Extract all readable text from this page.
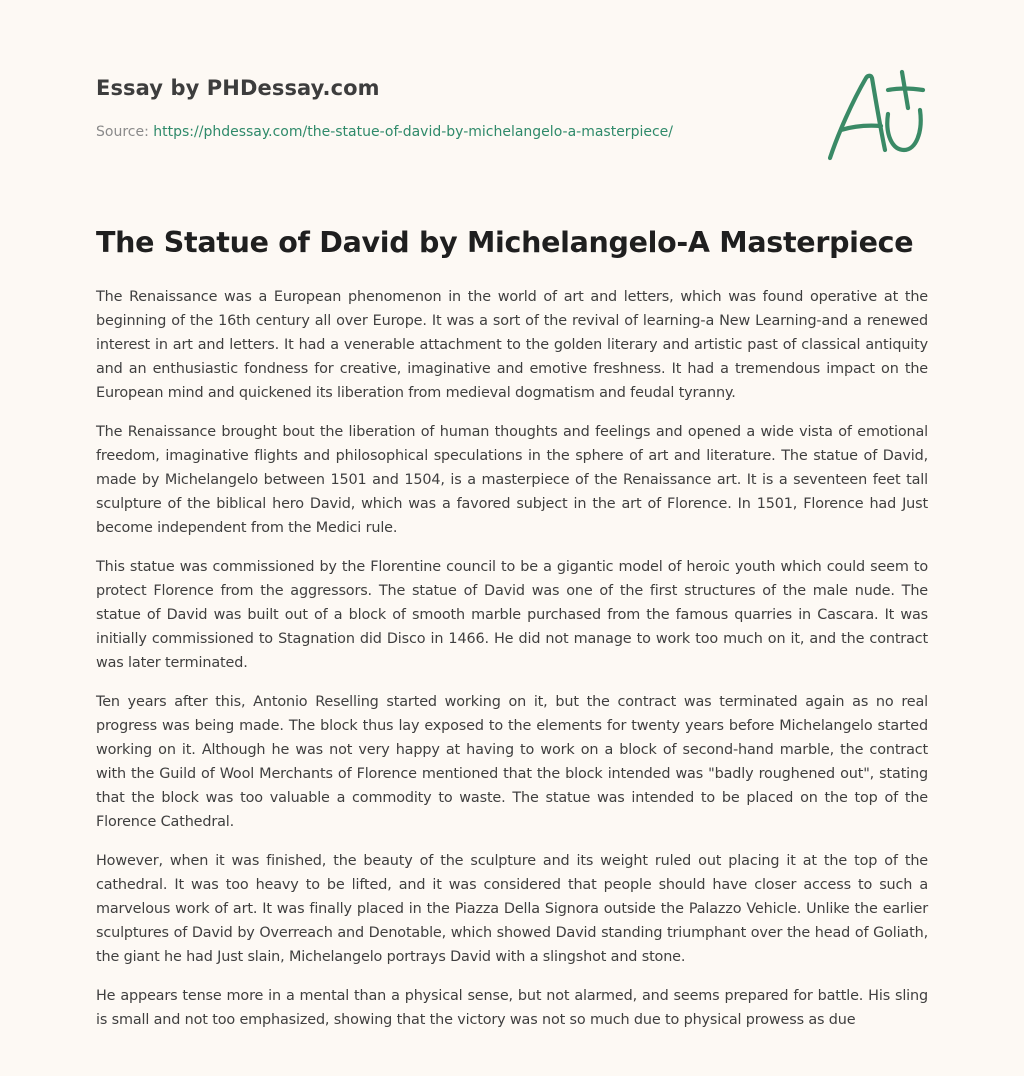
Essay by PHDessay.com
Source: https://phdessay.com/the-statue-of-david-by-michelangelo-a-masterpiece/
The Statue of David by Michelangelo-A Masterpiece

The Renaissance was a European phenomenon in the world of art and letters, which was found operative at the beginning of the 16th century all over Europe. It was a sort of the revival of learning-a New Learning-and a renewed interest in art and letters. It had a venerable attachment to the golden literary and artistic past of classical antiquity and an enthusiastic fondness for creative, imaginative and emotive freshness. It had a tremendous impact on the European mind and quickened its liberation from medieval dogmatism and feudal tyranny.

The Renaissance brought bout the liberation of human thoughts and feelings and opened a wide vista of emotional freedom, imaginative flights and philosophical speculations in the sphere of art and literature. The statue of David, made by Michelangelo between 1501 and 1504, is a masterpiece of the Renaissance art. It is a seventeen feet tall sculpture of the biblical hero David, which was a favored subject in the art of Florence. In 1501, Florence had Just become independent from the Medici rule.

This statue was commissioned by the Florentine council to be a gigantic model of heroic youth which could seem to protect Florence from the aggressors. The statue of David was one of the first structures of the male nude. The statue of David was built out of a block of smooth marble purchased from the famous quarries in Cascara. It was initially commissioned to Stagnation did Disco in 1466. He did not manage to work too much on it, and the contract was later terminated.

Ten years after this, Antonio Reselling started working on it, but the contract was terminated again as no real progress was being made. The block thus lay exposed to the elements for twenty years before Michelangelo started working on it. Although he was not very happy at having to work on a block of second-hand marble, the contract with the Guild of Wool Merchants of Florence mentioned that the block intended was "badly roughened out", stating that the block was too valuable a commodity to waste. The statue was intended to be placed on the top of the Florence Cathedral.

However, when it was finished, the beauty of the sculpture and its weight ruled out placing it at the top of the cathedral. It was too heavy to be lifted, and it was considered that people should have closer access to such a marvelous work of art. It was finally placed in the Piazza Della Signora outside the Palazzo Vehicle. Unlike the earlier sculptures of David by Overreach and Denotable, which showed David standing triumphant over the head of Goliath, the giant he had Just slain, Michelangelo portrays David with a slingshot and stone.

He appears tense more in a mental than a physical sense, but not alarmed, and seems prepared for battle. His sling is small and not too emphasized, showing that the victory was not so much due to physical prowess as due
